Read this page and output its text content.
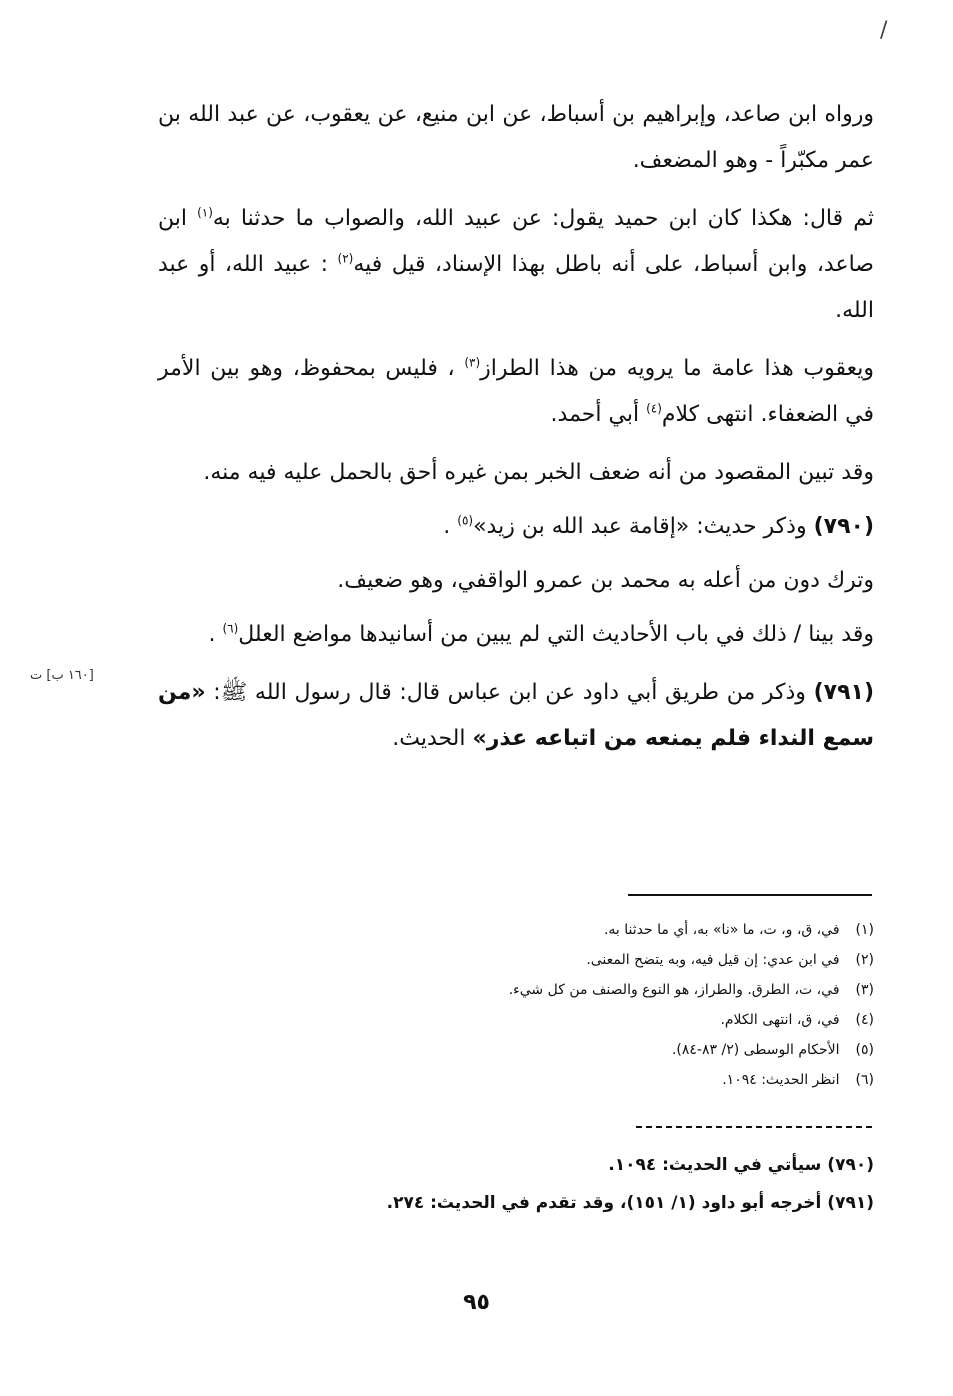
/

ورواه ابن صاعد، وإبراهيم بن أسباط، عن ابن منيع، عن يعقوب، عن عبد الله بن عمر مكبّراً - وهو المضعف.

ثم قال: هكذا كان ابن حميد يقول: عن عبيد الله، والصواب ما حدثنا به$^{(١)}$ ابن صاعد، وابن أسباط، على أنه باطل بهذا الإسناد، قيل فيه$^{(٢)}$ : عبيد الله، أو عبد الله.

ويعقوب هذا عامة ما يرويه من هذا الطراز$^{(٣)}$ ، فليس بمحفوظ، وهو بين الأمر في الضعفاء. انتهى كلام$^{(٤)}$ أبي أحمد.

وقد تبين المقصود من أنه ضعف الخبر بمن غيره أحق بالحمل عليه فيه منه.

(٧٩٠) وذكر حديث: «إقامة عبد الله بن زيد»$^{(٥)}$ .

وترك دون من أعله به محمد بن عمرو الواقفي، وهو ضعيف.

وقد بينا / ذلك في باب الأحاديث التي لم يبين من أسانيدها مواضع العلل$^{(٦)}$ .

(٧٩١) وذكر من طريق أبي داود عن ابن عباس قال: قال رسول الله ﷺ: «من سمع النداء فلم يمنعه من اتباعه عذر» الحديث.

[١٦٠ ب] ت
(١) في، ق، و، ت، ما «نا» به، أي ما حدثنا به.
(٢) في ابن عدي: إن قيل فيه، وبه يتضح المعنى.
(٣) في، ت، الطرق. والطراز، هو النوع والصنف من كل شيء.
(٤) في، ق، انتهى الكلام.
(٥) الأحكام الوسطى (٢/ ٨٣-٨٤).
(٦) انظر الحديث: ١٠٩٤.
(٧٩٠) سيأتي في الحديث: ١٠٩٤.
(٧٩١) أخرجه أبو داود (١/ ١٥١)، وقد تقدم في الحديث: ٢٧٤.
٩٥
